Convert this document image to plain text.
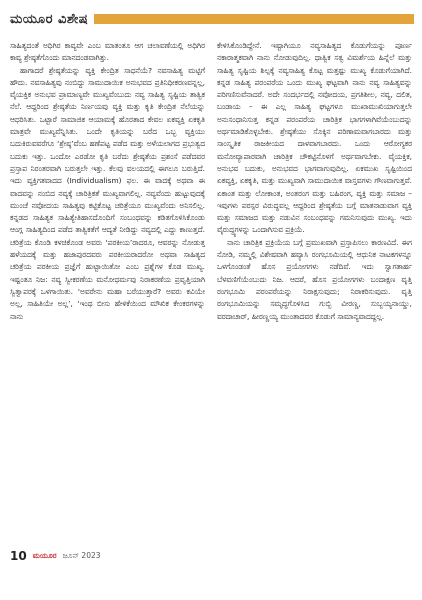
ಮಯೂರ ವಿಶೇಷ

ಸಾಹಿತ್ಯದಂತೆ ಅಧಿಗಿರ ಕಾವ್ಯವೇ ಎಂಬ ಮಾತಂತೂ ಆಗ ಚಲಾವಣೆಯಲ್ಲಿ ಅಧಿಗಿರ ಕಾವ್ಯ ಶ್ರೇಷ್ಠತೆಗೊಂದು ಮಾನದಂಡವಾಗಿತ್ತು.

ಹಾಗಾದರೆ ಶ್ರೇಷ್ಠತೆಯನ್ನು ವ್ಯಕ್ತಿ ಕೇಂದ್ರಿತ ಸಾಧನೆಯೆ? ನವಸಾಹಿತ್ಯ ಮಟ್ಟಿಗೆ ಹೌದು. ನವಸಾಹಿತ್ಯವು ನಂಬಿದ್ದು ಸಾಮುದಾಯಿಕ ಅನುಭವದ ಪ್ರತಿನಿಧೀಕರಣವನ್ನಲ್ಲ, ವೈಯಕ್ತಿಕ ಅನುಭವ ಪ್ರಾಮಾಣ್ಯವೇ ಮುಖ್ಯವೆಂಬುದು ನವ್ಯ ಸಾಹಿತ್ಯ ಸೃಷ್ಟಿಯ ತಾತ್ವಿಕ ನೆಲೆ. ಆದ್ದರಿಂದ ಶ್ರೇಷ್ಠತೆಯ ನಿರ್ಣಯವು ವ್ಯಕ್ತಿ ಮತ್ತು ಕೃತಿ ಕೇಂದ್ರಿತ ನೆಲೆಯನ್ನು ಆಧರಿಸಿತು. ಒಟ್ಟಾರೆ ಸಾಮಾಜಿಕ ಆಯಾಮಕ್ಕೆ ಹೊರತಾದ ಕೇವಲ ಏಕವ್ಯಕ್ತಿ ಏಕಕೃತಿ ಮಾತ್ರವೇ ಮುಖ್ಯವೆನ್ನಿಸಿತು. ಒಂದೇ ಕೃತಿಯನ್ನು ಬರೆದ ಒಬ್ಬ ವ್ಯಕ್ತಿಯು ಬದುಕಿರುವವರೆಗೂ ‘ಶ್ರೇಷ್ಠ’ವೆಂಬ ಹಣೆಪಟ್ಟ ಪಡೆದ ಮತ್ತು ಅಳೆಯಲಾಗದ ಪ್ರಭುತ್ವದ ಬದುಕು ಇತ್ತು. ಒಂದೋ ಎರಡೋ ಕೃತಿ ಬರೆದು ಶ್ರೇಷ್ಠತೆಯ ಪ್ರಶಂಸೆ ಪಡೆದವರ ಪ್ರಸ್ತಾಪ ನಿರಂತರವಾಗಿ ಬರುತ್ತಲೇ ಇತ್ತು. ಕೆಲವು ವಲಯದಲ್ಲಿ ಈಗಲೂ ಬರುತ್ತಿದೆ. ಇದು ವ್ಯಕ್ತಿಗತವಾದದ (Individualism) ಫಲ. ಈ ವಾದಕ್ಕೆ ಅಥವಾ ಈ ವಾದವನ್ನು ನಂಬಿದ ನವ್ಯಕ್ಕೆ ಚಾರಿತ್ರಿಕತೆ ಮುಖ್ಯವಾಗಲಿಲ್ಲ. ನವ್ಯವೆಂದು ಹುಟ್ಟುವುದಕ್ಕೆ ಮುಂಚೆ ನವೋದಯ ಸಾಹಿತ್ಯವು ಕಟ್ಟಿಕೊಟ್ಟ ಚರಿತ್ರೆಯೂ ಮುಖ್ಯವೆಂದು ಅನಿಸಲಿಲ್ಲ. ಕನ್ನಡದ ಸಾಹಿತ್ಯಕ ಸಾಹಿತ್ಯೇತಿಹಾಸದೊಂದಿಗೆ ಸಂಬಂಧವನ್ನು ಕಡಿತಗೊಳಿಸಿಕೊಂಡು ಆಂಗ್ಲ ಸಾಹಿತ್ಯದಿಂದ ಪಡೆದ ತಾತ್ವಿಕತೆಗೆ ಆದ್ಯತೆ ನೀಡಿದ್ದು ನವ್ಯದಲ್ಲಿ ಎದ್ದು ಕಾಣುತ್ತದೆ. ಚರಿತ್ರೆಯ ಕೊಂಡಿ ಕಳಚಿಕೊಂಡ ಅವರು ‘ಪರಕೀಯ’ರಾದರೂ, ಆವರನ್ನು ನೋಡುತ್ತ ಹಳೆಯದಕ್ಕೆ ಮತ್ತು ಹಜಾಪುರದವರು ಪರಕೀಯರಾದರೋ ಅಥವಾ ಸಾಹಿತ್ಯದ ಚರಿತ್ರೆಯ ಪರಕೀಯ ಪ್ರಜ್ಞೆಗೆ ಹುಟ್ಟಾಯಿತೋ ಎಂಬ ಪ್ರಶ್ನೆಗಳ ಕೊಡ ಮುಖ್ಯ. ಇಷ್ಟಂತೂ ನಿಜ: ನವ್ಯ ಸ್ವೀಕರಣೆಯ ಮನೋಧರ್ಮವು ನಿರಾಕರಣೆಯ ಪ್ರವೃತ್ತಿಯಾಗಿ ಸ್ವಿತ್ವಾಪರಕ್ಕೆ ಒಳಗಾಯಿತು. ‘ಅವರೇನು ಮಹಾ ಬರೆಯುತ್ತಾರೆ? ಅವರು ಕವಿಯೇ ಅಲ್ಲ, ಸಾಹಿತಿಯೇ ಅಲ್ಲ’, ‘ಇಂಥ ಬೀಸು ಹೇಳಿಕೆಯಿಂದ ಮೌಖಿಕ ಕೇಂಕರಗಳನ್ನು ನಾನು

ಕೇಳಿಸಿಕೊಂಡಿದ್ದೇನೆ. ಇಷ್ಟಾಗಿಯೂ ನವ್ಯಸಾಹಿತ್ಯದ ಕೊಡುಗೆಯನ್ನು ಪೂರ್ಣ ನಕಾರಾತ್ಮಕವಾಗಿ ನಾನು ನೋಡುವುದಿಲ್ಲ. ಧಾತ್ವಿಕ ಸತ್ವ ವಿಮರ್ಶೆಯ ಹಿನ್ನೆಲೆ ಮತ್ತು ಸಾಹಿತ್ಯ ಸೃಷ್ಟಿಯ ಶಿಲ್ಪಕ್ಕೆ ನವ್ಯಸಾಹಿತ್ಯ ಕೊಟ್ಟ ಮತ್ತಷ್ಟು ಮುಖ್ಯ ಕೊಡುಗೆಯಾಗಿದೆ. ಕನ್ನಡ ಸಾಹಿತ್ಯ ಪರಂಪರೆಯ ಒಂದು ಮುಖ್ಯ ಘಟ್ಟವಾಗಿ ನಾನು ನವ್ಯ ಸಾಹಿತ್ಯವನ್ನು ಪರಿಗಣಿಸುವೆನಾದರೆ. ಅದೇ ಸಂದರ್ಭದಲ್ಲಿ ನವೋದಯ, ಪ್ರಗತಿಶೀಲ, ನವ್ಯ, ದಲಿತ, ಬಂಡಾಯ – ಈ ಎಲ್ಲ ಸಾಹಿತ್ಯ ಘಟ್ಟಗಳೂ ಮುಖಾಮುಖಿಯಾಗುತ್ತಲೇ ಅನುಸಂಧಾನಿಸುತ್ತ ಕನ್ನಡ ಪರಂಪರೆಯ ಚಾರಿತ್ರಿಕ ಭಾಗಗಳಾಗಿವೆಯೆಂಬುದನ್ನು ಅರ್ಥಮಾಡಿಕೊಳ್ಳಬೇಕು. ಶ್ರೇಷ್ಠತೆಯು ಸೊಕ್ಕಿನ ಪರಿಣಾಮವಾಗಬಾರದು ಮತ್ತು ಸಾಂಸ್ಕೃತಿಕ ರಾಜಕೀಯದ ದಾಳವಾಗಬಾರದು. ಒಂದು ಆರೋಗ್ಯಕರ ಮನೋವ್ಯಾಪಾರವಾಗಿ ಚಾರಿತ್ರಿಕ ಚೌಕಟ್ಟಿನೊಳಗೆ ಅರ್ಥವಾಗಬೇಕು. ವೈಯಕ್ತಿಕ, ಅನುಭವ ಬದುಕು, ಅನುಭವದ ಭಾಗವಾಗುವುದಿಲ್ಲ. ಏಕಮುಖ ಸೃಷ್ಟಿಯಿಂದ ಏಕವ್ಯಕ್ತಿ, ಏಕಕೃತಿ, ಮತ್ತು ಮುಖ್ಯವಾಗಿ ಸಾಮುದಾಯಿಕ ವಾಸ್ತವಗಳು ಗೌಣವಾಗುತ್ತವೆ. ಏಕಾಂತ ಮತ್ತು ಲೋಕಾಂತ, ಅಂತರಂಗ ಮತ್ತು ಬಹಿರಂಗ, ವ್ಯಕ್ತಿ ಮತ್ತು ಸಮಾಜ – ಇವುಗಳು ಪರಸ್ಪರ ವಿರುದ್ಧವಲ್ಲ ಆದ್ದರಿಂದ ಶ್ರೇಷ್ಠತೆಯ ಬಗ್ಗೆ ಮಾತನಾಡುವಾಗ ವ್ಯಕ್ತಿ ಮತ್ತು ಸಮಾಜದ ಮತ್ತು ನಡುವಿನ ಸಂಬಂಧವನ್ನು ಗಮನಿಸುವುದು ಮುಖ್ಯ. ಇದು ವೈರುದ್ಧ್ಯಗಳನ್ನು ಒಂದಾಗಿಸುವ ಪ್ರಕ್ರಿಯೆ.

ನಾನು ಚಾರಿತ್ರಿಕ ಪ್ರಕ್ರಿಯೆಯ ಬಗ್ಗೆ ಪ್ರಮುಖವಾಗಿ ಪ್ರಸ್ತಾಪಿಸಲು ಕಾರಣವಿದೆ. ಈಗ ನೋಡಿ, ನಮ್ಮಲ್ಲಿ ವಿಶೇಷವಾಗಿ ಹವ್ಯಾಸಿ ರಂಗಭೂಮಿಯಲ್ಲಿ ಆಧುನಿಕ ನಾಟಕಗಳನ್ನೂ ಒಳಗೊಂಡಂತೆ ಹೊಸ ಪ್ರಯೋಗಗಳು ನಡೆದಿವೆ. ಇದು ಸ್ವಾಗತಾರ್ಹ ಬೆಳವಣಿಗೆಯೆಂಬುದು ನಿಜ. ಆದರೆ, ಹೊಸ ಪ್ರಯೋಗಗಳು ಬಂದಾಕ್ಷಣ ವೃತ್ತಿ ರಂಗಭೂಮಿ ಪರಂಪರೆಯನ್ನು ನಿರಾಕ್ಷಸುವುದು; ನಿರಾಕರಿಸುವುದು. ವೃತ್ತಿ ರಂಗಭೂಮಿಯನ್ನು ಸಮೃದ್ಧಗೊಳಿಸಿದ ಗುಬ್ಬಿ ವೀರಣ್ಣ, ಸುಬ್ಬಯ್ಯನಾಯ್ಡು, ವರದಾಚಾರ್, ಹೀರಣ್ಣಯ್ಯ ಮುಂತಾದವರ ಕೊಡುಗೆ ಸಾಮಾನ್ಯವಾದದ್ದಲ್ಲ.

10 ಮಯೂರ ಜೂನ್ 2023
